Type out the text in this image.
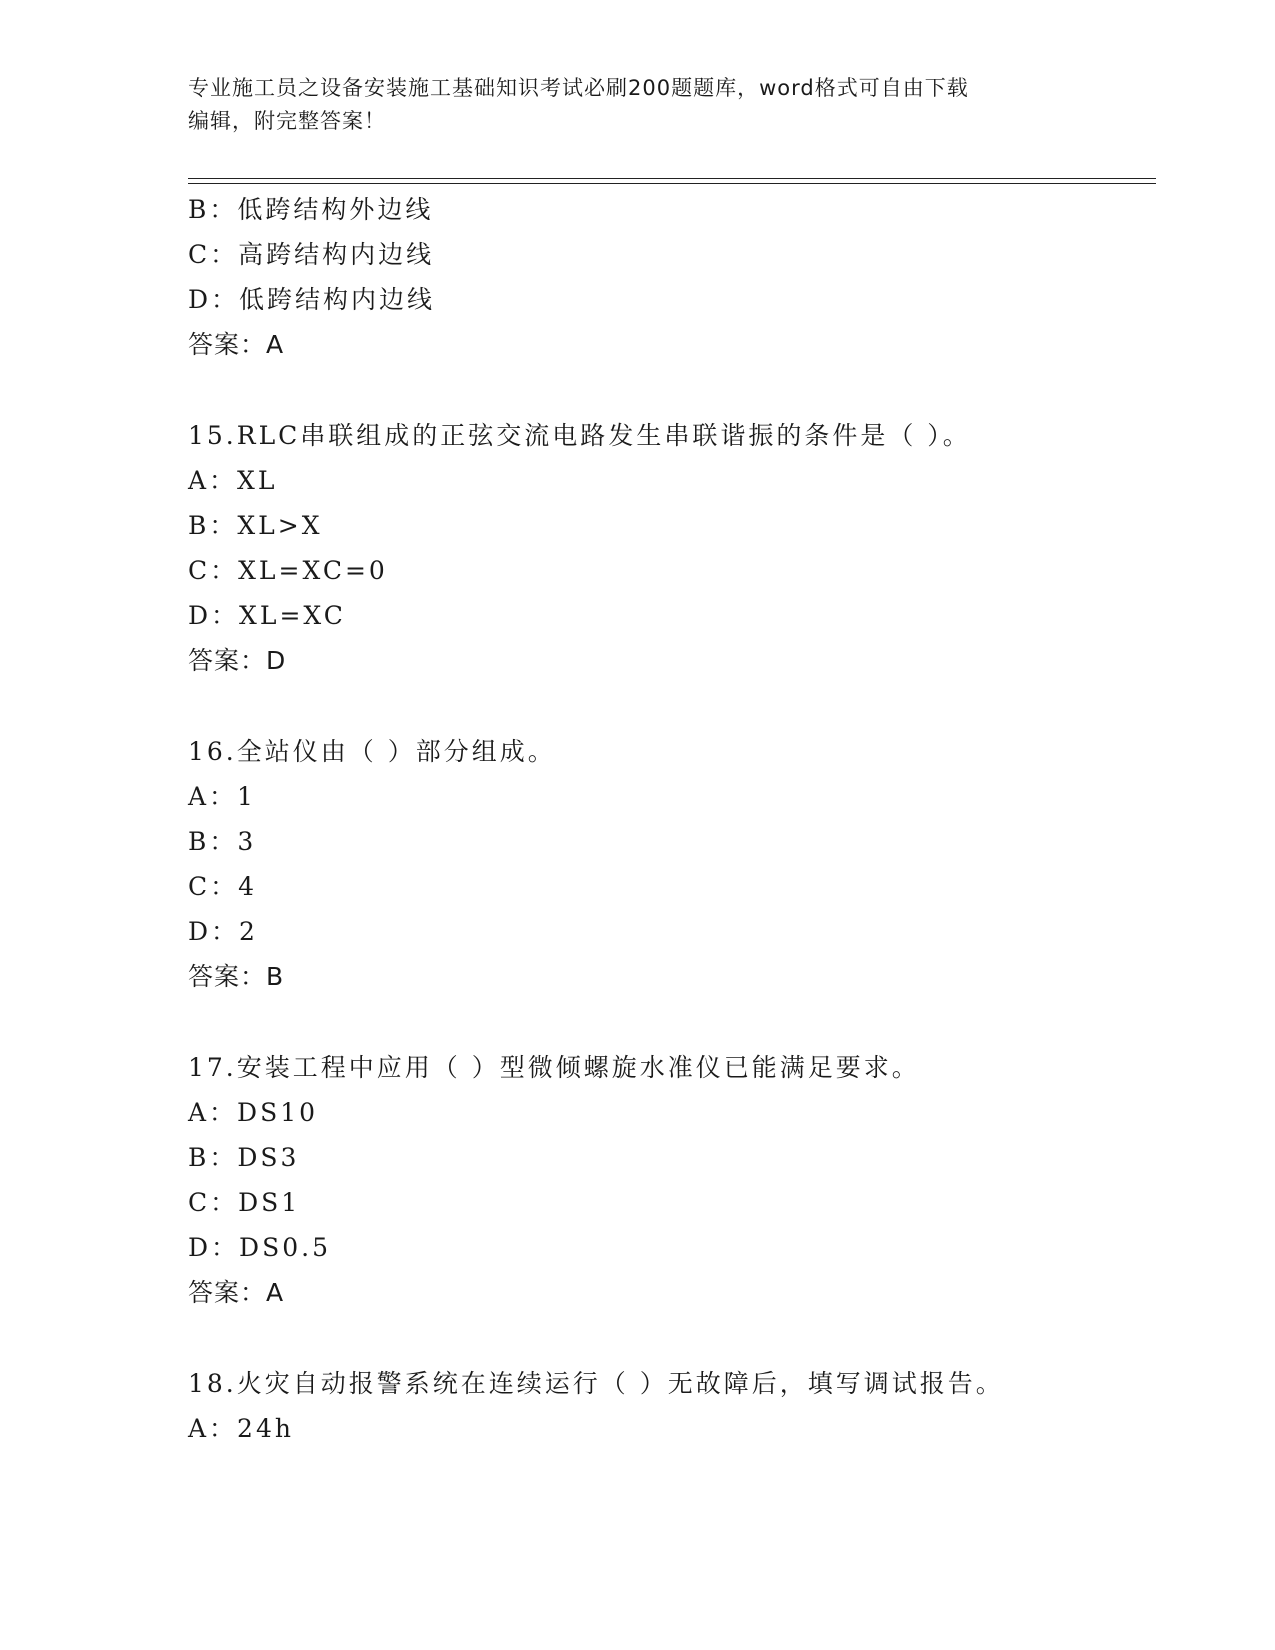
专业施工员之设备安装施工基础知识考试必刷200题题库，word格式可自由下载
编辑，附完整答案！
B：低跨结构外边线
C：高跨结构内边线
D：低跨结构内边线
答案：A
15.RLC串联组成的正弦交流电路发生串联谐振的条件是（ ）。
A：XL
B：XL>X
C：XL=XC=0
D：XL=XC
答案：D
16.全站仪由（ ）部分组成。
A：1
B：3
C：4
D：2
答案：B
17.安装工程中应用（ ）型微倾螺旋水准仪已能满足要求。
A：DS10
B：DS3
C：DS1
D：DS0.5
答案：A
18.火灾自动报警系统在连续运行（ ）无故障后，填写调试报告。
A：24h
